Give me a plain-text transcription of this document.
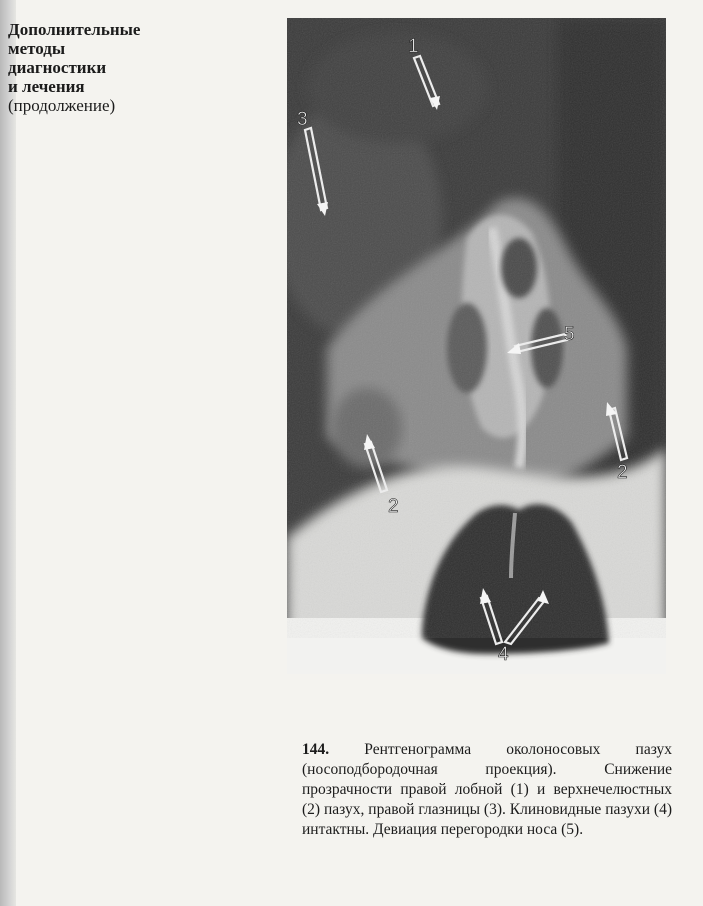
Дополнительные
методы
диагностики
и лечения
(продолжение)
1
2
2
3
4
5
144. Рентгенограмма околоносовых пазух (носоподбородочная проекция). Снижение прозрачности правой лобной (1) и верхнечелюстных (2) пазух, правой глазницы (3). Клиновидные пазухи (4) интактны. Девиация перегородки носа (5).
